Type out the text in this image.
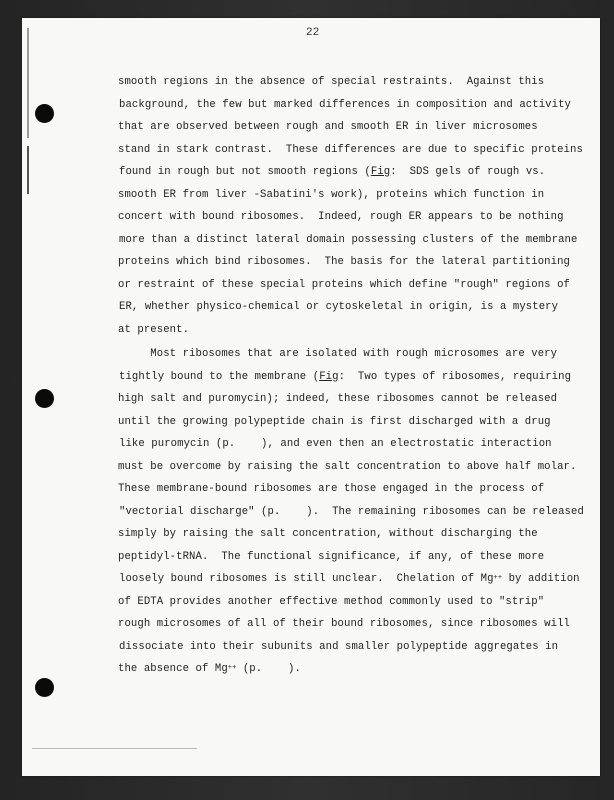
22
smooth regions in the absence of special restraints.  Against this
background, the few but marked differences in composition and activity
that are observed between rough and smooth ER in liver microsomes
stand in stark contrast.  These differences are due to specific proteins
found in rough but not smooth regions (Fig:  SDS gels of rough vs.
smooth ER from liver -Sabatini's work), proteins which function in
concert with bound ribosomes.  Indeed, rough ER appears to be nothing
more than a distinct lateral domain possessing clusters of the membrane
proteins which bind ribosomes.  The basis for the lateral partitioning
or restraint of these special proteins which define "rough" regions of
ER, whether physico-chemical or cytoskeletal in origin, is a mystery
at present.
Most ribosomes that are isolated with rough microsomes are very
tightly bound to the membrane (Fig:  Two types of ribosomes, requiring
high salt and puromycin); indeed, these ribosomes cannot be released
until the growing polypeptide chain is first discharged with a drug
like puromycin (p.    ), and even then an electrostatic interaction
must be overcome by raising the salt concentration to above half molar.
These membrane-bound ribosomes are those engaged in the process of
"vectorial discharge" (p.    ).  The remaining ribosomes can be released
simply by raising the salt concentration, without discharging the
peptidyl-tRNA.  The functional significance, if any, of these more
loosely bound ribosomes is still unclear.  Chelation of Mg++ by addition
of EDTA provides another effective method commonly used to "strip"
rough microsomes of all of their bound ribosomes, since ribosomes will
dissociate into their subunits and smaller polypeptide aggregates in
the absence of Mg++ (p.    ).
